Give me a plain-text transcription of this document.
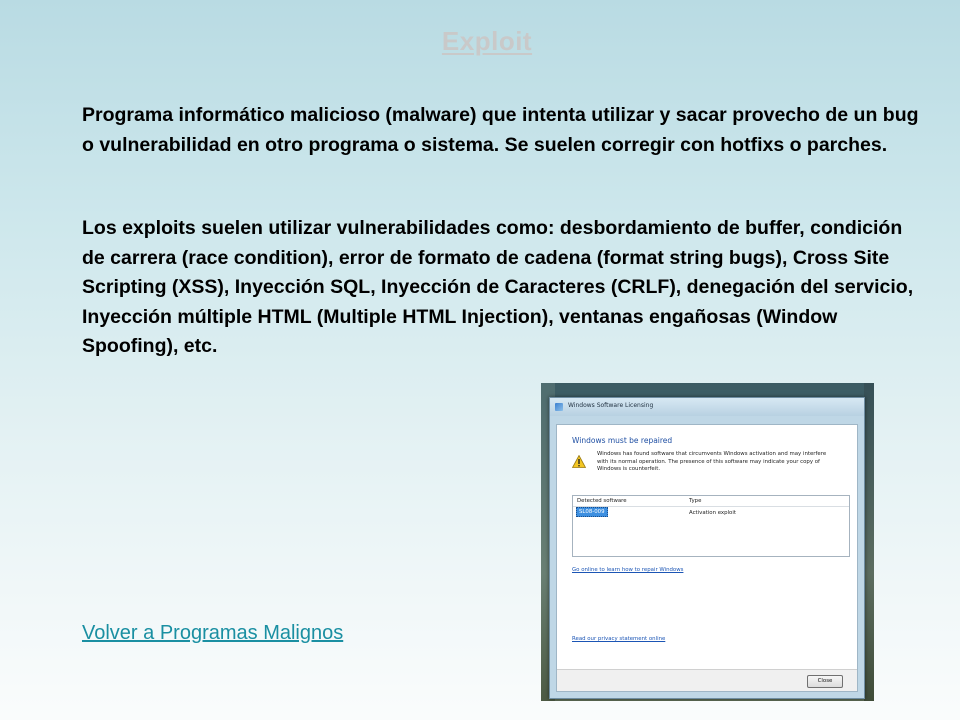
Exploit

Programa informático malicioso (malware) que intenta utilizar y sacar provecho de un bug o vulnerabilidad en otro programa o sistema. Se suelen corregir con hotfixs o parches.

Los exploits suelen utilizar vulnerabilidades como: desbordamiento de buffer, condición de carrera (race condition), error de formato de cadena (format string bugs), Cross Site Scripting (XSS), Inyección SQL, Inyección de Caracteres (CRLF), denegación del servicio, Inyección múltiple HTML (Multiple HTML Injection), ventanas engañosas (Window Spoofing), etc.

Volver a Programas Malignos
Windows Software Licensing
Windows must be repaired
Windows has found software that circumvents Windows activation and may interfere with its normal operation. The presence of this software may indicate your copy of Windows is counterfeit.
Detected software	Type
SL08-009	Activation exploit
Go online to learn how to repair Windows
Read our privacy statement online
Close
